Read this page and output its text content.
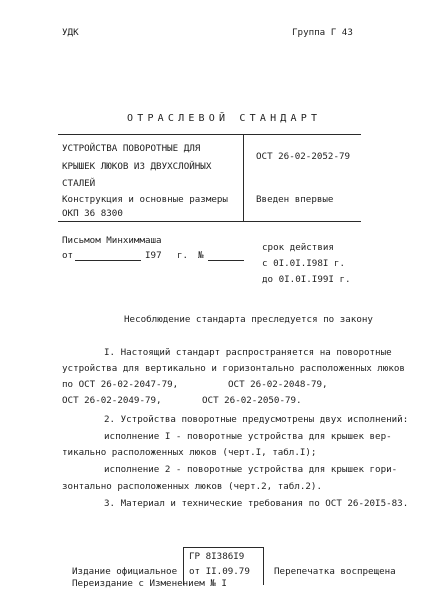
УДК	Группа Г 43
ОТРАСЛЕВОЙ СТАНДАРТ
УСТРОЙСТВА ПОВОРОТНЫЕ ДЛЯ
КРЫШЕК ЛЮКОВ ИЗ ДВУХСЛОЙНЫХ
СТАЛЕЙ
Конструкция и основные размеры
ОКП 36 8300
ОСТ 26-02-2052-79
Введен впервые
Письмом Минхиммаша
от	I97 г. №
срок действия
с 0I.0I.I98I г.
до 0I.0I.I99I г.
Несоблюдение стандарта преследуется по закону
I. Настоящий стандарт распространяется на поворотные
устройства для вертикально и горизонтально расположенных люков
по ОСТ 26-02-2047-79,	ОСТ 26-02-2048-79,
ОСТ 26-02-2049-79,	ОСТ 26-02-2050-79.
2. Устройства поворотные предусмотрены двух исполнений:
исполнение I - поворотные устройства для крышек вер-
тикально расположенных люков (черт.I, табл.I);
исполнение 2 - поворотные устройства для крышек гори-
зонтально расположенных люков (черт.2, табл.2).
3. Материал и технические требования по ОСТ 26-20I5-83.
ГР 8I386I9
от II.09.79
Издание официальное	Перепечатка воспрещена
Переиздание с Изменением № I
